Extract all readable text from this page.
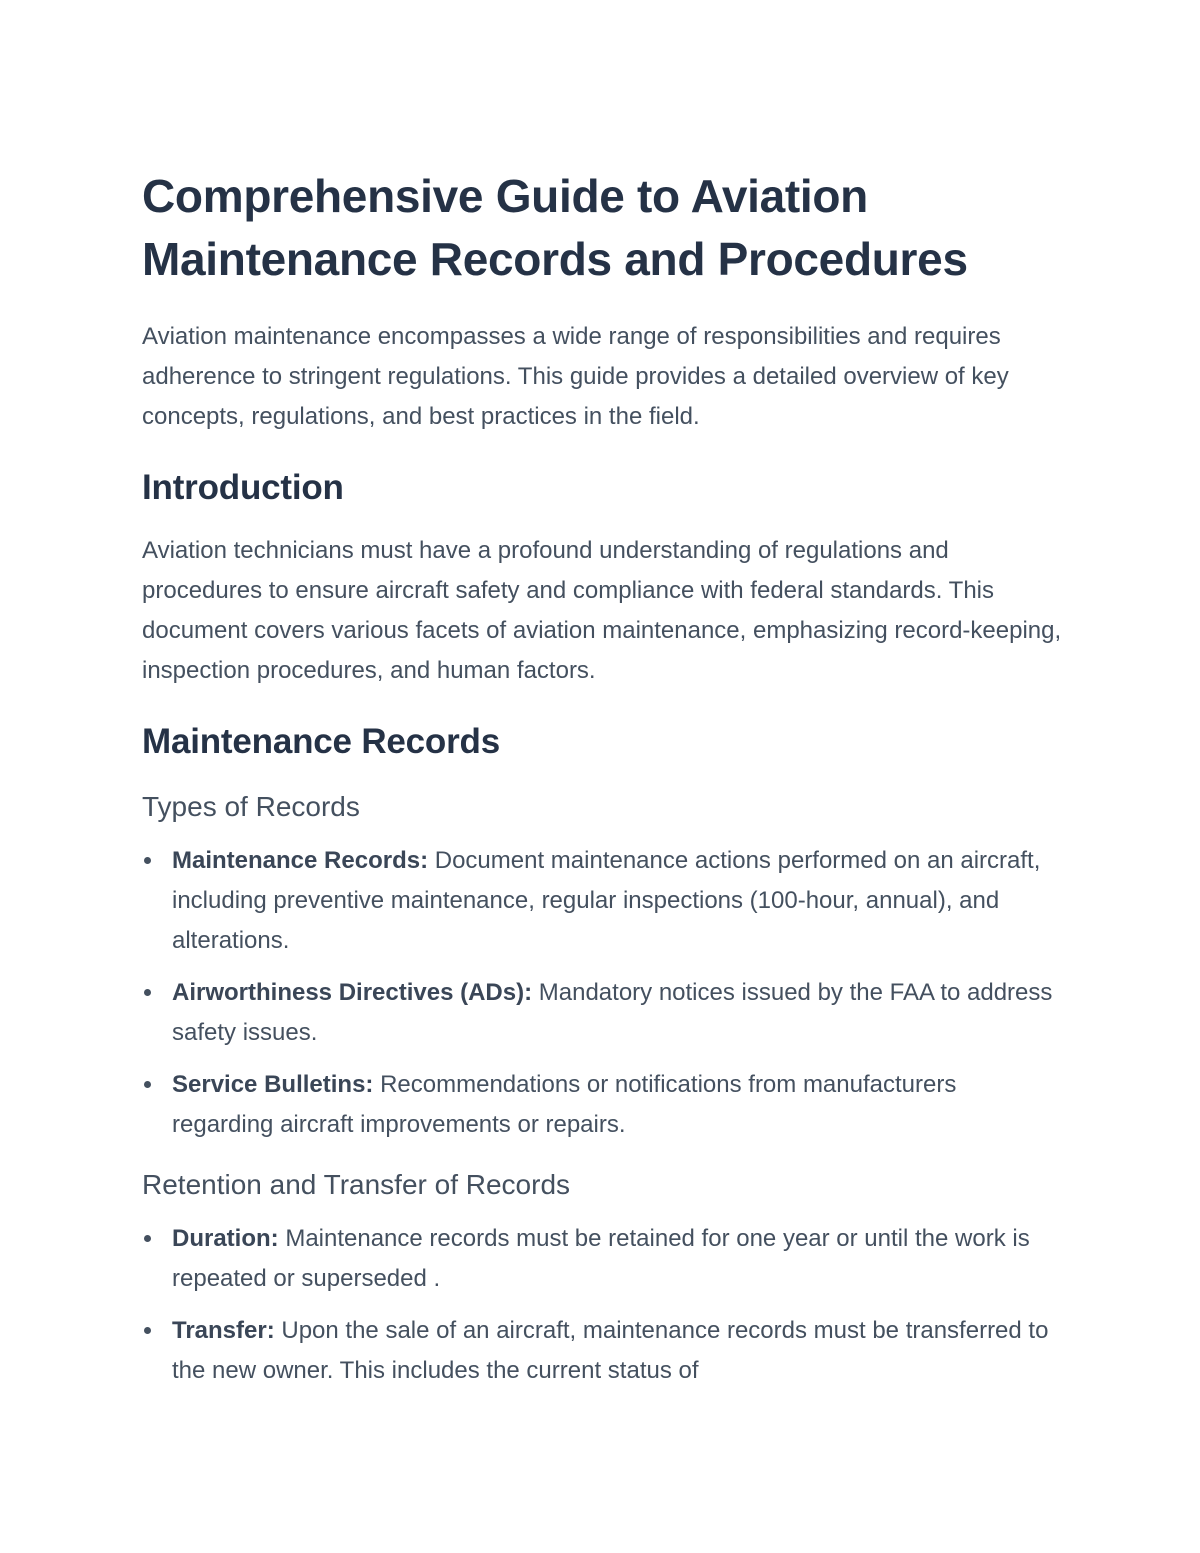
Comprehensive Guide to Aviation Maintenance Records and Procedures

Aviation maintenance encompasses a wide range of responsibilities and requires adherence to stringent regulations. This guide provides a detailed overview of key concepts, regulations, and best practices in the field.

Introduction

Aviation technicians must have a profound understanding of regulations and procedures to ensure aircraft safety and compliance with federal standards. This document covers various facets of aviation maintenance, emphasizing record-keeping, inspection procedures, and human factors.

Maintenance Records
Types of Records
Maintenance Records: Document maintenance actions performed on an aircraft, including preventive maintenance, regular inspections (100-hour, annual), and alterations.
Airworthiness Directives (ADs): Mandatory notices issued by the FAA to address safety issues.
Service Bulletins: Recommendations or notifications from manufacturers regarding aircraft improvements or repairs.
Retention and Transfer of Records
Duration: Maintenance records must be retained for one year or until the work is repeated or superseded .
Transfer: Upon the sale of an aircraft, maintenance records must be transferred to the new owner. This includes the current status of
